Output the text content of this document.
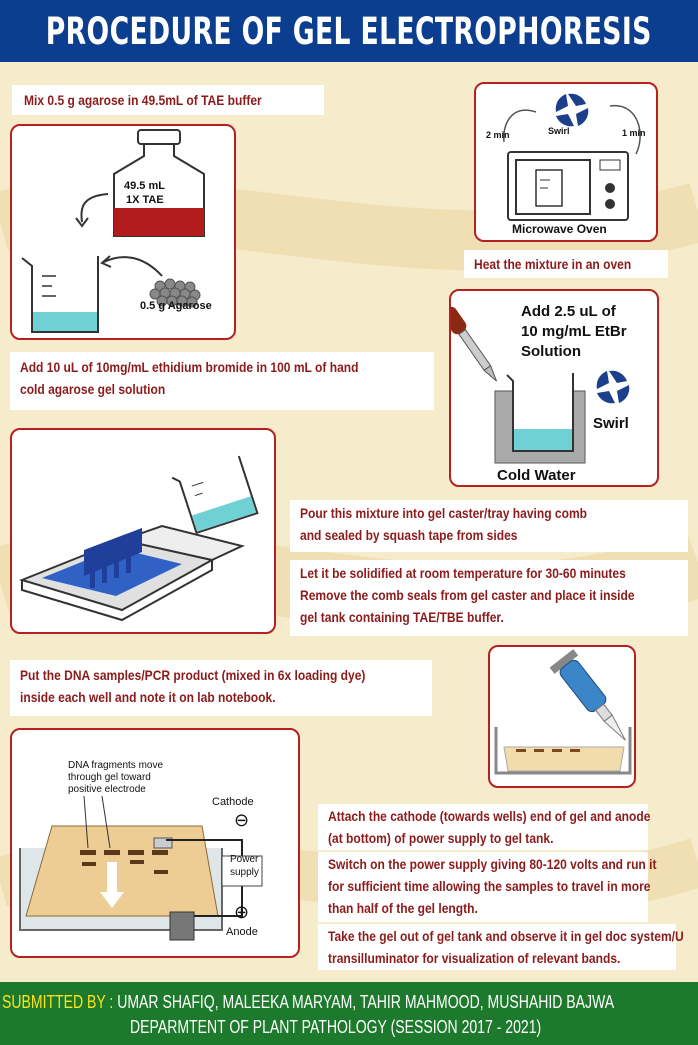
PROCEDURE OF GEL ELECTROPHORESIS
Mix 0.5 g agarose in 49.5mL of TAE buffer
49.5 mL
1X TAE
0.5 g Agarose
2 min	Swirl	1 min
Microwave Oven
Heat the mixture in an oven
Add 2.5 uL of
10 mg/mL EtBr
Solution
Swirl
Cold Water
Add 10 uL of 10mg/mL ethidium bromide in 100 mL of hand
cold agarose gel solution
Pour this mixture into gel caster/tray having comb
and sealed by squash tape from sides
Let it be solidified at room temperature for 30-60 minutes
Remove the comb seals from gel caster and place it inside
gel tank containing TAE/TBE buffer.
Put the DNA samples/PCR product (mixed in 6x loading dye)
inside each well and note it on lab notebook.
DNA fragments move
through gel toward
positive electrode
Cathode
⊖
Power
supply
⊕
Anode
Attach the cathode (towards wells) end of gel and anode
(at bottom) of power supply to gel tank.
Switch on the power supply giving 80-120 volts and run it
for sufficient time allowing the samples to travel in more
than half of the gel length.
Take the gel out of gel tank and observe it in gel doc system/U
transilluminator for visualization of relevant bands.
SUBMITTED BY : UMAR SHAFIQ, MALEEKA MARYAM, TAHIR MAHMOOD, MUSHAHID BAJWA
DEPARMTENT OF PLANT PATHOLOGY (SESSION 2017 - 2021)
